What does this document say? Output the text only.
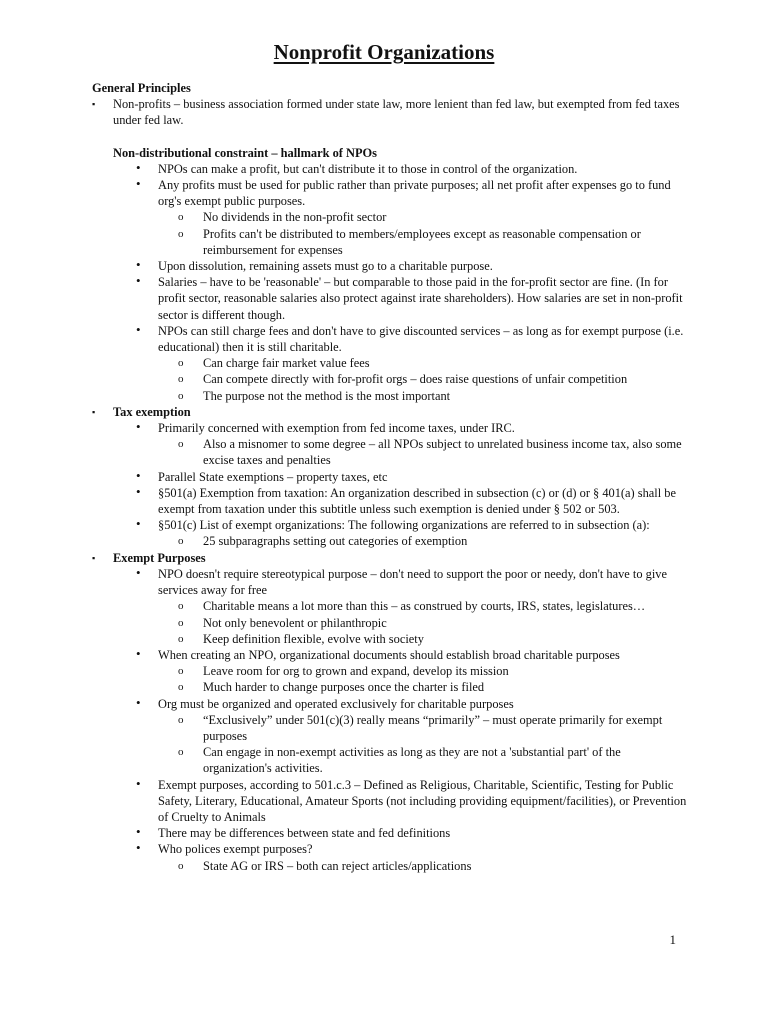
Nonprofit Organizations
General Principles
▪ Non-profits – business association formed under state law, more lenient than fed law, but exempted from fed taxes under fed law.
Non-distributional constraint – hallmark of NPOs
• NPOs can make a profit, but can't distribute it to those in control of the organization.
• Any profits must be used for public rather than private purposes; all net profit after expenses go to fund org's exempt public purposes.
o No dividends in the non-profit sector
o Profits can't be distributed to members/employees except as reasonable compensation or reimbursement for expenses
• Upon dissolution, remaining assets must go to a charitable purpose.
• Salaries – have to be 'reasonable' – but comparable to those paid in the for-profit sector are fine. (In for profit sector, reasonable salaries also protect against irate shareholders). How salaries are set in non-profit sector is different though.
• NPOs can still charge fees and don't have to give discounted services – as long as for exempt purpose (i.e. educational) then it is still charitable.
o Can charge fair market value fees
o Can compete directly with for-profit orgs – does raise questions of unfair competition
o The purpose not the method is the most important
▪ Tax exemption
• Primarily concerned with exemption from fed income taxes, under IRC.
o Also a misnomer to some degree – all NPOs subject to unrelated business income tax, also some excise taxes and penalties
• Parallel State exemptions – property taxes, etc
• §501(a) Exemption from taxation: An organization described in subsection (c) or (d) or § 401(a) shall be exempt from taxation under this subtitle unless such exemption is denied under § 502 or 503.
• §501(c) List of exempt organizations: The following organizations are referred to in subsection (a):
o 25 subparagraphs setting out categories of exemption
▪ Exempt Purposes
• NPO doesn't require stereotypical purpose – don't need to support the poor or needy, don't have to give services away for free
o Charitable means a lot more than this – as construed by courts, IRS, states, legislatures…
o Not only benevolent or philanthropic
o Keep definition flexible, evolve with society
• When creating an NPO, organizational documents should establish broad charitable purposes
o Leave room for org to grown and expand, develop its mission
o Much harder to change purposes once the charter is filed
• Org must be organized and operated exclusively for charitable purposes
o “Exclusively” under 501(c)(3) really means “primarily” – must operate primarily for exempt purposes
o Can engage in non-exempt activities as long as they are not a 'substantial part' of the organization's activities.
• Exempt purposes, according to 501.c.3 – Defined as Religious, Charitable, Scientific, Testing for Public Safety, Literary, Educational, Amateur Sports (not including providing equipment/facilities), or Prevention of Cruelty to Animals
• There may be differences between state and fed definitions
• Who polices exempt purposes?
o State AG or IRS – both can reject articles/applications
1
